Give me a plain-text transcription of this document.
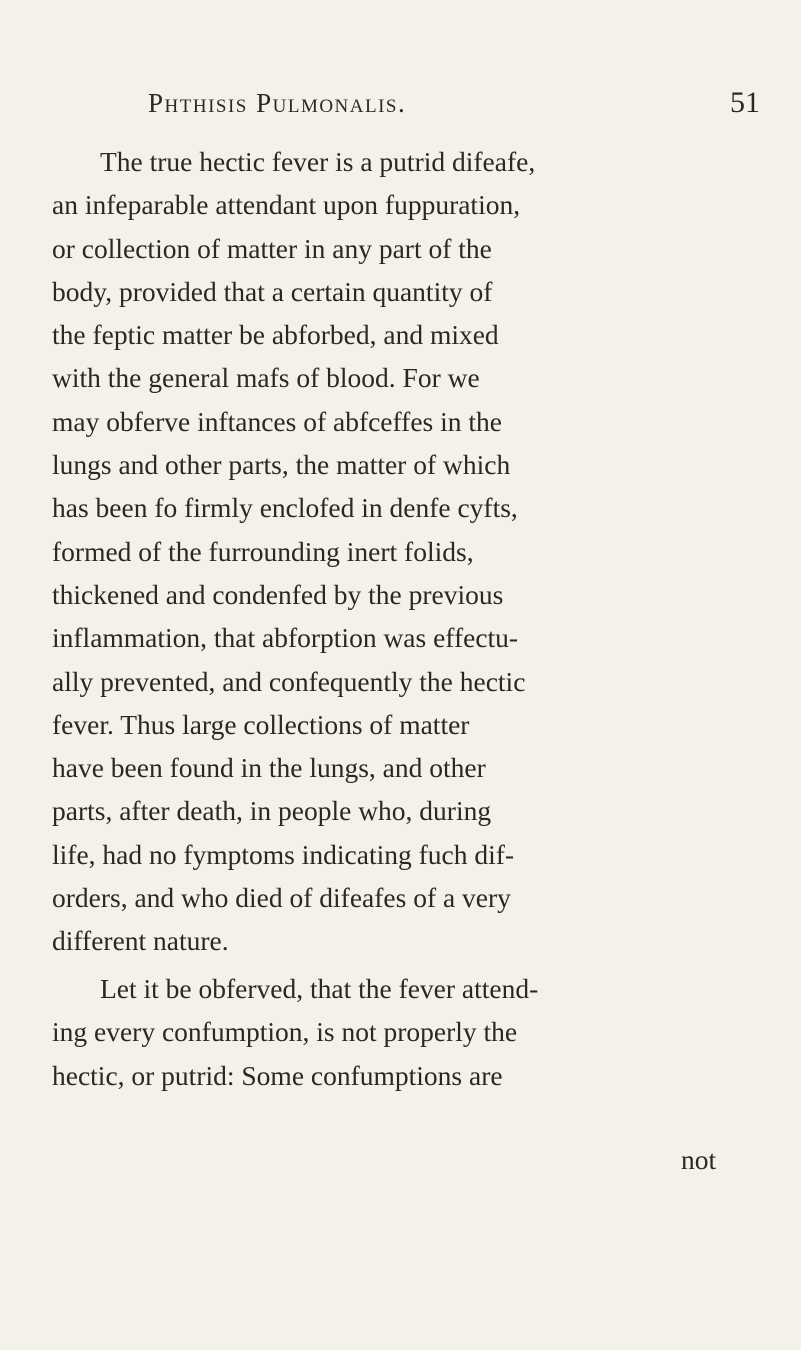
Phthisis Pulmonalis.	51
The true hectic fever is a putrid difeafe,
an infeparable attendant upon fuppuration,
or collection of matter in any part of the
body, provided that a certain quantity of
the feptic matter be abforbed, and mixed
with the general mafs of blood. For we
may obferve inftances of abfceffes in the
lungs and other parts, the matter of which
has been fo firmly enclofed in denfe cyfts,
formed of the furrounding inert folids,
thickened and condenfed by the previous
inflammation, that abforption was effectu-
ally prevented, and confequently the hectic
fever. Thus large collections of matter
have been found in the lungs, and other
parts, after death, in people who, during
life, had no fymptoms indicating fuch dif-
orders, and who died of difeafes of a very
different nature.
Let it be obferved, that the fever attend-
ing every confumption, is not properly the
hectic, or putrid: Some confumptions are
not
